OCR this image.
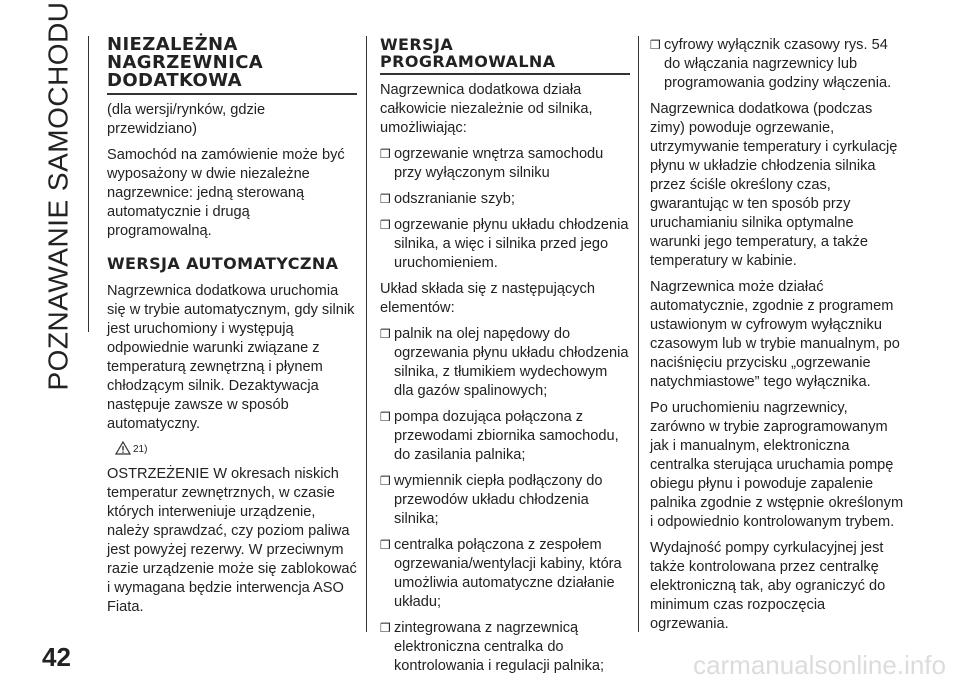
POZNAWANIE SAMOCHODU
42	carmanualsonline.info
NIEZALEŻNA NAGRZEWNICA DODATKOWA

(dla wersji/rynków, gdzie przewidziano)

Samochód na zamówienie może być wyposażony w dwie niezależne nagrzewnice: jedną sterowaną automatycznie i drugą programowalną.

WERSJA AUTOMATYCZNA

Nagrzewnica dodatkowa uruchomia się w trybie automatycznym, gdy silnik jest uruchomiony i występują odpowiednie warunki związane z temperaturą zewnętrzną i płynem chłodzącym silnik. Dezaktywacja następuje zawsze w sposób automatyczny.

21)

OSTRZEŻENIE W okresach niskich temperatur zewnętrznych, w czasie których interweniuje urządzenie, należy sprawdzać, czy poziom paliwa jest powyżej rezerwy. W przeciwnym razie urządzenie może się zablokować i wymagana będzie interwencja ASO Fiata.

WERSJA PROGRAMOWALNA

Nagrzewnica dodatkowa działa całkowicie niezależnie od silnika, umożliwiając:

❒ ogrzewanie wnętrza samochodu przy wyłączonym silniku
❒ odszranianie szyb;
❒ ogrzewanie płynu układu chłodzenia silnika, a więc i silnika przed jego uruchomieniem.

Układ składa się z następujących elementów:

❒ palnik na olej napędowy do ogrzewania płynu układu chłodzenia silnika, z tłumikiem wydechowym dla gazów spalinowych;
❒ pompa dozująca połączona z przewodami zbiornika samochodu, do zasilania palnika;
❒ wymiennik ciepła podłączony do przewodów układu chłodzenia silnika;
❒ centralka połączona z zespołem ogrzewania/wentylacji kabiny, która umożliwia automatyczne działanie układu;
❒ zintegrowana z nagrzewnicą elektroniczna centralka do kontrolowania i regulacji palnika;
❒ cyfrowy wyłącznik czasowy rys. 54 do włączania nagrzewnicy lub programowania godziny włączenia.

Nagrzewnica dodatkowa (podczas zimy) powoduje ogrzewanie, utrzymywanie temperatury i cyrkulację płynu w układzie chłodzenia silnika przez ściśle określony czas, gwarantując w ten sposób przy uruchamianiu silnika optymalne warunki jego temperatury, a także temperatury w kabinie.

Nagrzewnica może działać automatycznie, zgodnie z programem ustawionym w cyfrowym wyłączniku czasowym lub w trybie manualnym, po naciśnięciu przycisku „ogrzewanie natychmiastowe” tego wyłącznika.

Po uruchomieniu nagrzewnicy, zarówno w trybie zaprogramowanym jak i manualnym, elektroniczna centralka sterująca uruchamia pompę obiegu płynu i powoduje zapalenie palnika zgodnie z wstępnie określonym i odpowiednio kontrolowanym trybem.

Wydajność pompy cyrkulacyjnej jest także kontrolowana przez centralkę elektroniczną tak, aby ograniczyć do minimum czas rozpoczęcia ogrzewania.
